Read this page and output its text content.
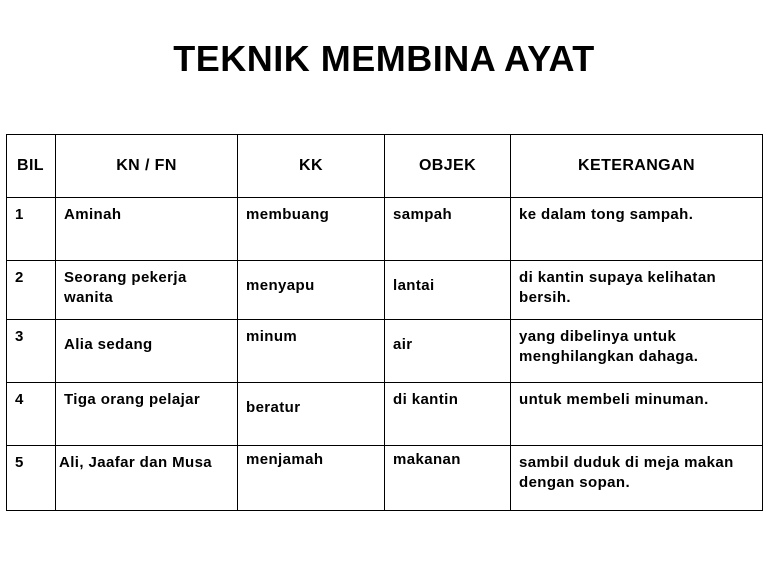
TEKNIK MEMBINA AYAT
BIL	KN / FN	KK	OBJEK	KETERANGAN

1	Aminah	membuang	sampah	ke dalam tong sampah.

2	Seorang pekerja wanita	menyapu	lantai	di kantin supaya kelihatan bersih.

3	Alia sedang	minum	air	yang dibelinya untuk menghilangkan dahaga.

4	Tiga orang pelajar	beratur	di kantin	untuk membeli minuman.

5	Ali, Jaafar dan Musa	menjamah	makanan	sambil duduk di meja makan dengan sopan.
